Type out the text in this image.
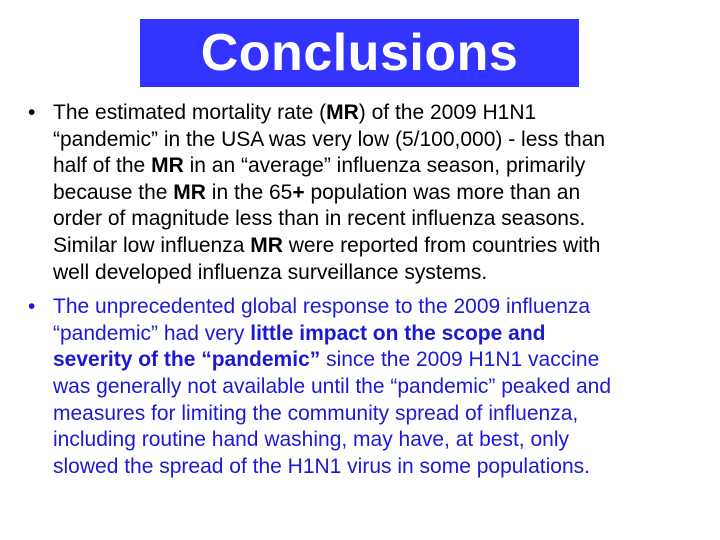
Conclusions
• The estimated mortality rate (MR) of the 2009 H1N1
“pandemic” in the USA was very low (5/100,000) - less than
half of the MR in an “average” influenza season, primarily
because the MR in the 65+ population was more than an
order of magnitude less than in recent influenza seasons.
Similar low influenza MR were reported from countries with
well developed influenza surveillance systems.
• The unprecedented global response to the 2009 influenza
“pandemic” had very little impact on the scope and
severity of the “pandemic” since the 2009 H1N1 vaccine
was generally not available until the “pandemic” peaked and
measures for limiting the community spread of influenza,
including routine hand washing, may have, at best, only
slowed the spread of the H1N1 virus in some populations.
